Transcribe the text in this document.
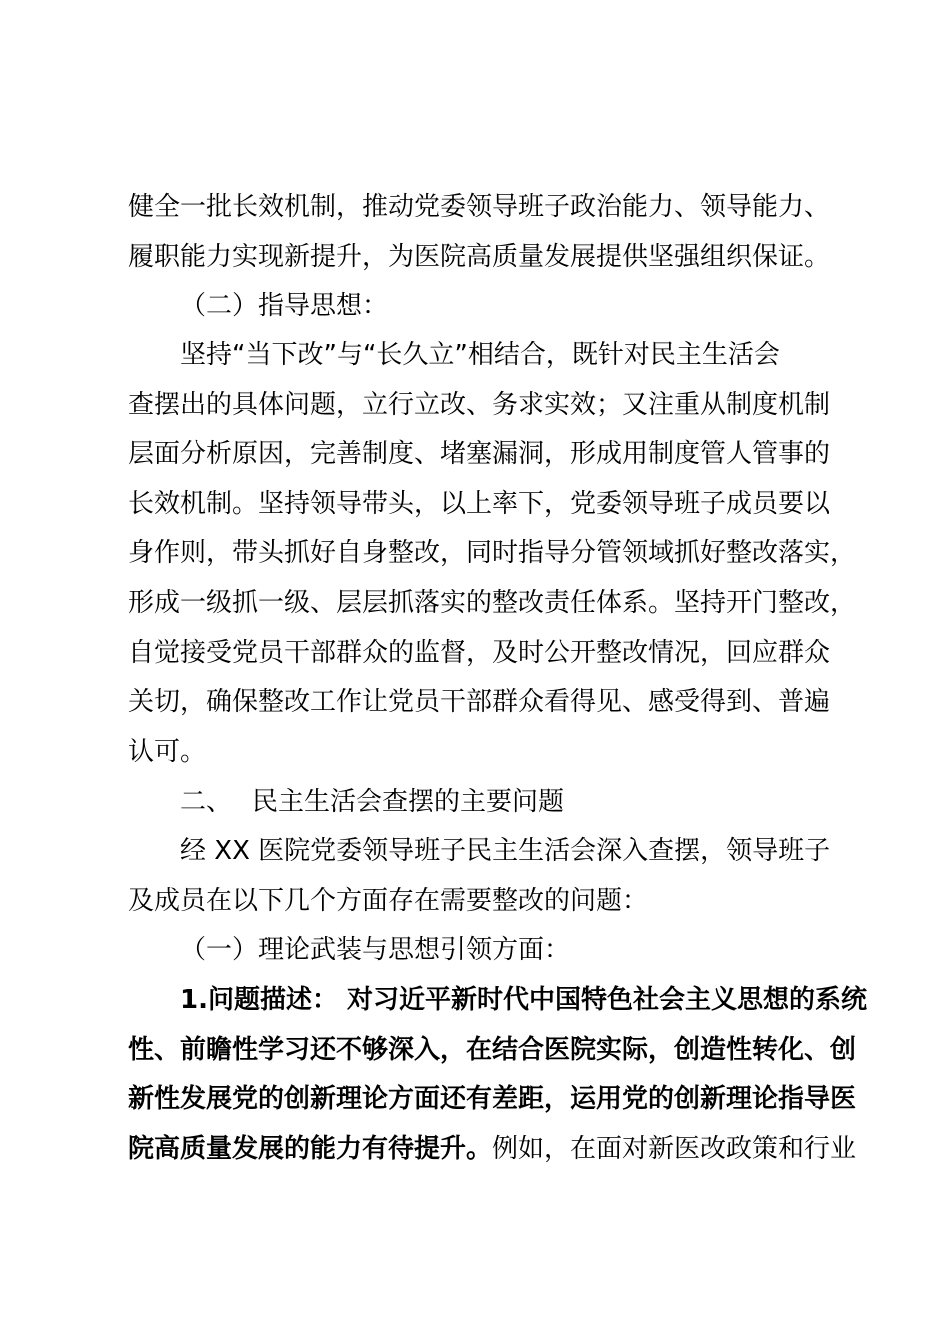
健全一批长效机制，推动党委领导班子政治能力、领导能力、
履职能力实现新提升，为医院高质量发展提供坚强组织保证。
（二）指导思想：
坚持“当下改”与“长久立”相结合，既针对民主生活会
查摆出的具体问题，立行立改、务求实效；又注重从制度机制
层面分析原因，完善制度、堵塞漏洞，形成用制度管人管事的
长效机制。坚持领导带头，以上率下，党委领导班子成员要以
身作则，带头抓好自身整改，同时指导分管领域抓好整改落实，
形成一级抓一级、层层抓落实的整改责任体系。坚持开门整改，
自觉接受党员干部群众的监督，及时公开整改情况，回应群众
关切，确保整改工作让党员干部群众看得见、感受得到、普遍
认可。
二、 民主生活会查摆的主要问题
经 XX 医院党委领导班子民主生活会深入查摆，领导班子
及成员在以下几个方面存在需要整改的问题：
（一）理论武装与思想引领方面：
1.问题描述： 对习近平新时代中国特色社会主义思想的系统
性、前瞻性学习还不够深入，在结合医院实际，创造性转化、创
新性发展党的创新理论方面还有差距，运用党的创新理论指导医
院高质量发展的能力有待提升。例如，在面对新医改政策和行业
